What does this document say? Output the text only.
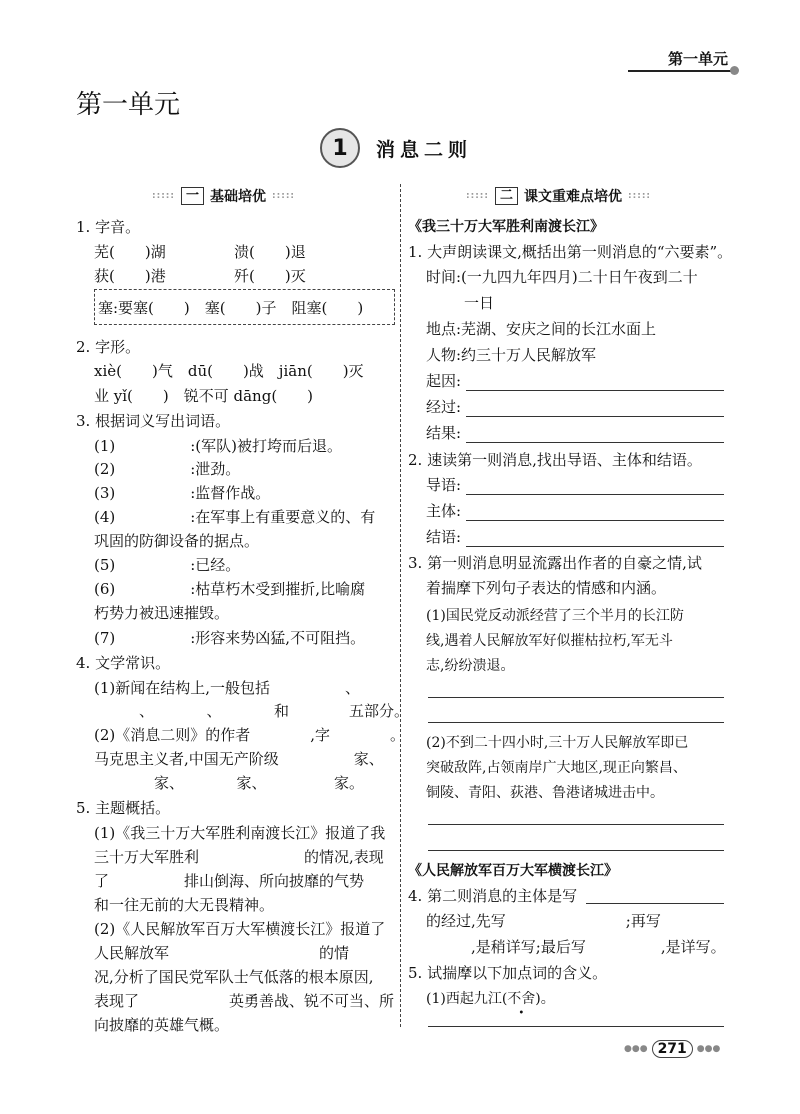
第一单元
第一单元
1	消息二则
::::: 一 基础培优 :::::
1. 字音。
芜(　　)湖	溃(　　)退
获(　　)港	歼(　　)灭
塞:要塞(　　)　塞(　　)子　阻塞(　　)
2. 字形。
xiè(　　)气　dū(　　)战　jiān(　　)灭
业 yǐ(　　)　锐不可 dāng(　　)
3. 根据词义写出词语。
(1)　　　　　:(军队)被打垮而后退。
(2)　　　　　:泄劲。
(3)　　　　　:监督作战。
(4)　　　　　:在军事上有重要意义的、有
巩固的防御设备的据点。
(5)　　　　　:已经。
(6)　　　　　:枯草朽木受到摧折,比喻腐
朽势力被迅速摧毁。
(7)　　　　　:形容来势凶猛,不可阻挡。
4. 文学常识。
(1)新闻在结构上,一般包括　　　　　、
　　　、　　　　、　　　　和　　　　五部分。
(2)《消息二则》的作者　　　　,字　　　　。
马克思主义者,中国无产阶级　　　　　家、
　　　　家、　　　　家、　　　　　家。
5. 主题概括。
(1)《我三十万大军胜利南渡长江》报道了我
三十万大军胜利　　　　　　　的情况,表现
了　　　　　排山倒海、所向披靡的气势
和一往无前的大无畏精神。
(2)《人民解放军百万大军横渡长江》报道了
人民解放军　　　　　　　　　　的情
况,分析了国民党军队士气低落的根本原因,
表现了　　　　　　英勇善战、锐不可当、所
向披靡的英雄气概。
::::: 二 课文重难点培优 :::::
《我三十万大军胜利南渡长江》
1. 大声朗读课文,概括出第一则消息的“六要素”。
时间:(一九四九年四月)二十日午夜到二十
一日
地点:芜湖、安庆之间的长江水面上
人物:约三十万人民解放军
起因:
经过:
结果:
2. 速读第一则消息,找出导语、主体和结语。
导语:
主体:
结语:
3. 第一则消息明显流露出作者的自豪之情,试
着揣摩下列句子表达的情感和内涵。
(1)国民党反动派经营了三个半月的长江防
线,遇着人民解放军好似摧枯拉朽,军无斗
志,纷纷溃退。
(2)不到二十四小时,三十万人民解放军即已
突破敌阵,占领南岸广大地区,现正向繁昌、
铜陵、青阳、荻港、鲁港诸城进击中。
《人民解放军百万大军横渡长江》
4. 第二则消息的主体是写
的经过,先写　　　　　　　　;再写
　　　,是稍详写;最后写　　　　　,是详写。
5. 试揣摩以下加点词的含义。
(1)西起九江(不舍)。
●●● 271	●●●
